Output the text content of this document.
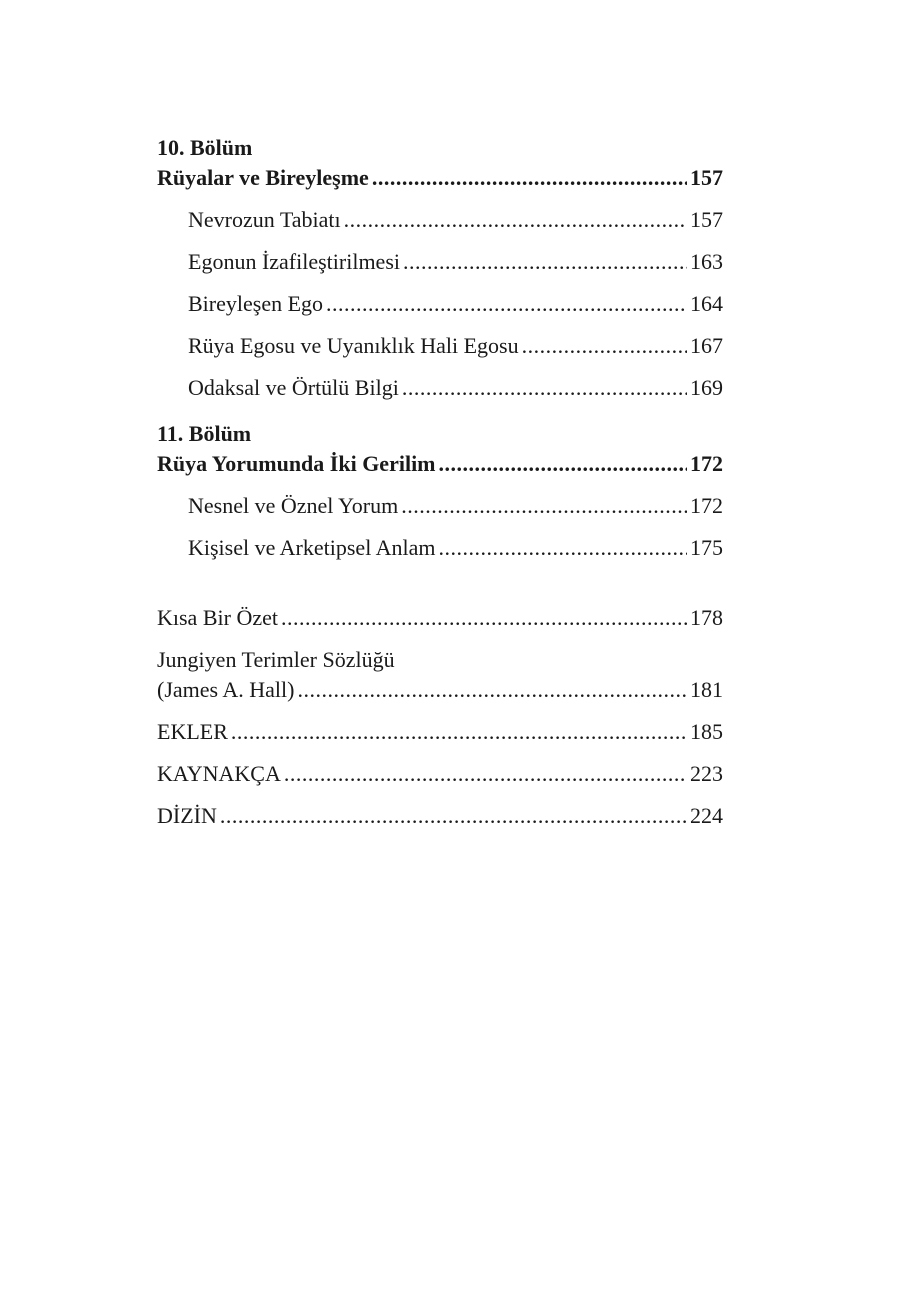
10. Bölüm
Rüyalar ve Bireyleşme .....	157
Nevrozun Tabiatı .....	157
Egonun İzafileştirilmesi .....	163
Bireyleşen Ego .....	164
Rüya Egosu ve Uyanıklık Hali Egosu .....	167
Odaksal ve Örtülü Bilgi .....	169
11. Bölüm
Rüya Yorumunda İki Gerilim .....	172
Nesnel ve Öznel Yorum .....	172
Kişisel ve Arketipsel Anlam .....	175
Kısa Bir Özet .....	178
Jungiyen Terimler Sözlüğü
(James A. Hall) .....	181
EKLER .....	185
KAYNAKÇA .....	223
DİZİN .....	224
